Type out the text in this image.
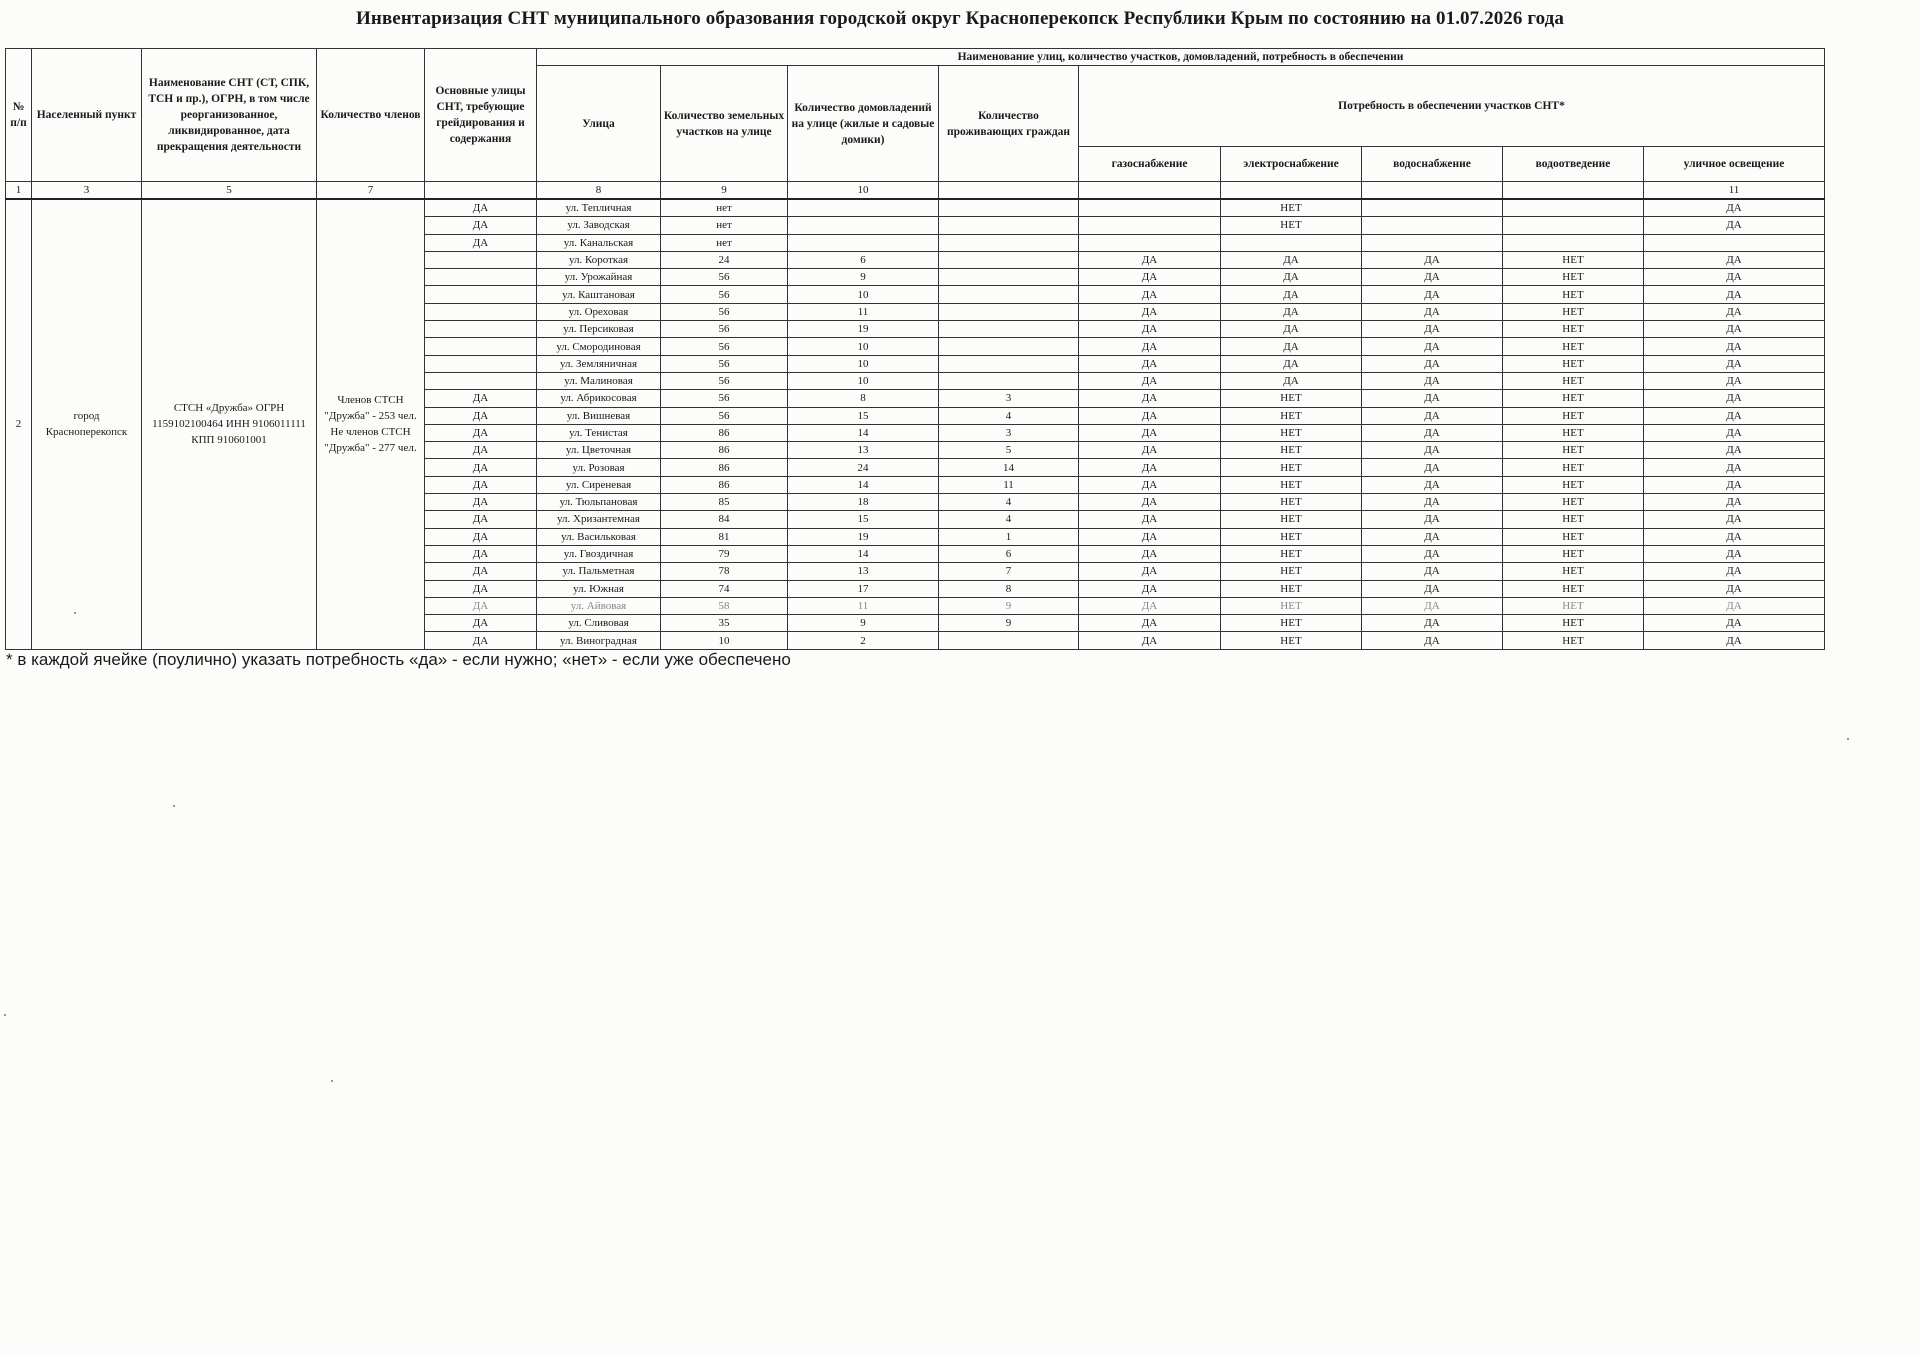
Инвентаризация СНТ муниципального образования городской округ Красноперекопск Республики Крым по состоянию на 01.07.2026 года
№ п/п	Населенный пункт	Наименование СНТ (СТ, СПК, ТСН и пр.), ОГРН, в том числе реорганизованное, ликвидированное, дата прекращения деятельности	Количество членов	Основные улицы СНТ, требующие грейдирования и содержания	Наименование улиц, количество участков, домовладений, потребность в обеспечении								
					Улица	Количество земельных участков на улице	Количество домовладений на улице (жилые и садовые домики)	Количество проживающих граждан	Потребность в обеспечении участков СНТ*				
									газоснабжение	электроснабжение	водоснабжение	водоотведение	уличное освещение
1	3	5	7		8	9	10						11
2	город Красноперекопск	СТСН «Дружба» ОГРН 1159102100464 ИНН 9106011111 КПП 910601001	Членов СТСН "Дружба" - 253 чел. Не членов СТСН "Дружба" - 277 чел.	ДА	ул. Тепличная	нет				НЕТ			ДА
				ДА	ул. Заводская	нет				НЕТ			ДА
				ДА	ул. Канальская	нет							
					ул. Короткая	24	6		ДА	ДА	ДА	НЕТ	ДА
					ул. Урожайная	56	9		ДА	ДА	ДА	НЕТ	ДА
					ул. Каштановая	56	10		ДА	ДА	ДА	НЕТ	ДА
					ул. Ореховая	56	11		ДА	ДА	ДА	НЕТ	ДА
					ул. Персиковая	56	19		ДА	ДА	ДА	НЕТ	ДА
					ул. Смородиновая	56	10		ДА	ДА	ДА	НЕТ	ДА
					ул. Земляничная	56	10		ДА	ДА	ДА	НЕТ	ДА
					ул. Малиновая	56	10		ДА	ДА	ДА	НЕТ	ДА
				ДА	ул. Абрикосовая	56	8	3	ДА	НЕТ	ДА	НЕТ	ДА
				ДА	ул. Вишневая	56	15	4	ДА	НЕТ	ДА	НЕТ	ДА
				ДА	ул. Тенистая	86	14	3	ДА	НЕТ	ДА	НЕТ	ДА
				ДА	ул. Цветочная	86	13	5	ДА	НЕТ	ДА	НЕТ	ДА
				ДА	ул. Розовая	86	24	14	ДА	НЕТ	ДА	НЕТ	ДА
				ДА	ул. Сиреневая	86	14	11	ДА	НЕТ	ДА	НЕТ	ДА
				ДА	ул. Тюльпановая	85	18	4	ДА	НЕТ	ДА	НЕТ	ДА
				ДА	ул. Хризантемная	84	15	4	ДА	НЕТ	ДА	НЕТ	ДА
				ДА	ул. Васильковая	81	19	1	ДА	НЕТ	ДА	НЕТ	ДА
				ДА	ул. Гвоздичная	79	14	6	ДА	НЕТ	ДА	НЕТ	ДА
				ДА	ул. Пальметная	78	13	7	ДА	НЕТ	ДА	НЕТ	ДА
				ДА	ул. Южная	74	17	8	ДА	НЕТ	ДА	НЕТ	ДА
				ДА	ул. Айвовая	58	11	9	ДА	НЕТ	ДА	НЕТ	ДА
				ДА	ул. Сливовая	35	9	9	ДА	НЕТ	ДА	НЕТ	ДА
				ДА	ул. Виноградная	10	2		ДА	НЕТ	ДА	НЕТ	ДА
* в каждой ячейке (поулично) указать потребность «да» - если нужно; «нет» - если уже обеспечено
